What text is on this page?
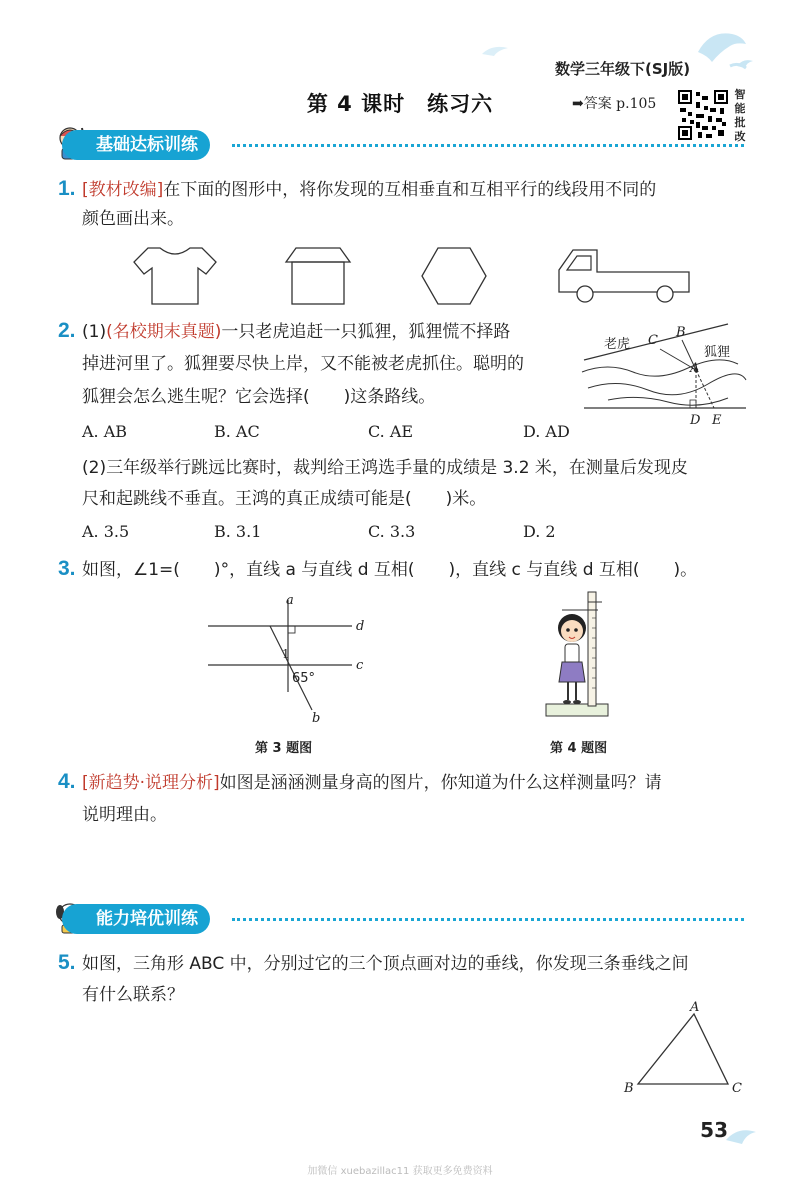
数学三年级下(SJ版)
第 4 课时　练习六	➡答案 p.105
智
能
批
改
基础达标训练
1. [教材改编]在下面的图形中，将你发现的互相垂直和互相平行的线段用不同的
颜色画出来。
2. (1)(名校期末真题)一只老虎追赶一只狐狸，狐狸慌不择路
掉进河里了。狐狸要尽快上岸，又不能被老虎抓住。聪明的
狐狸会怎么逃生呢？它会选择(　　)这条路线。
A. AB	B. AC	C. AE	D. AD
老虎 C
B
A
狐狸
D E
(2)三年级举行跳远比赛时，裁判给王鸿选手量的成绩是 3.2 米，在测量后发现皮
尺和起跳线不垂直。王鸿的真正成绩可能是(　　)米。
A. 3.5	B. 3.1	C. 3.3	D. 2
3. 如图，∠1=(　　)°，直线 a 与直线 d 互相(　　)，直线 c 与直线 d 互相(　　)。
a
d
c
b
1
65°
第 3 题图	第 4 题图
4. [新趋势·说理分析]如图是涵涵测量身高的图片，你知道为什么这样测量吗？请
说明理由。
能力培优训练
5. 如图，三角形 ABC 中，分别过它的三个顶点画对边的垂线，你发现三条垂线之间
有什么联系？
A
B	C
53
加微信 xuebazillac11 获取更多免费资料
